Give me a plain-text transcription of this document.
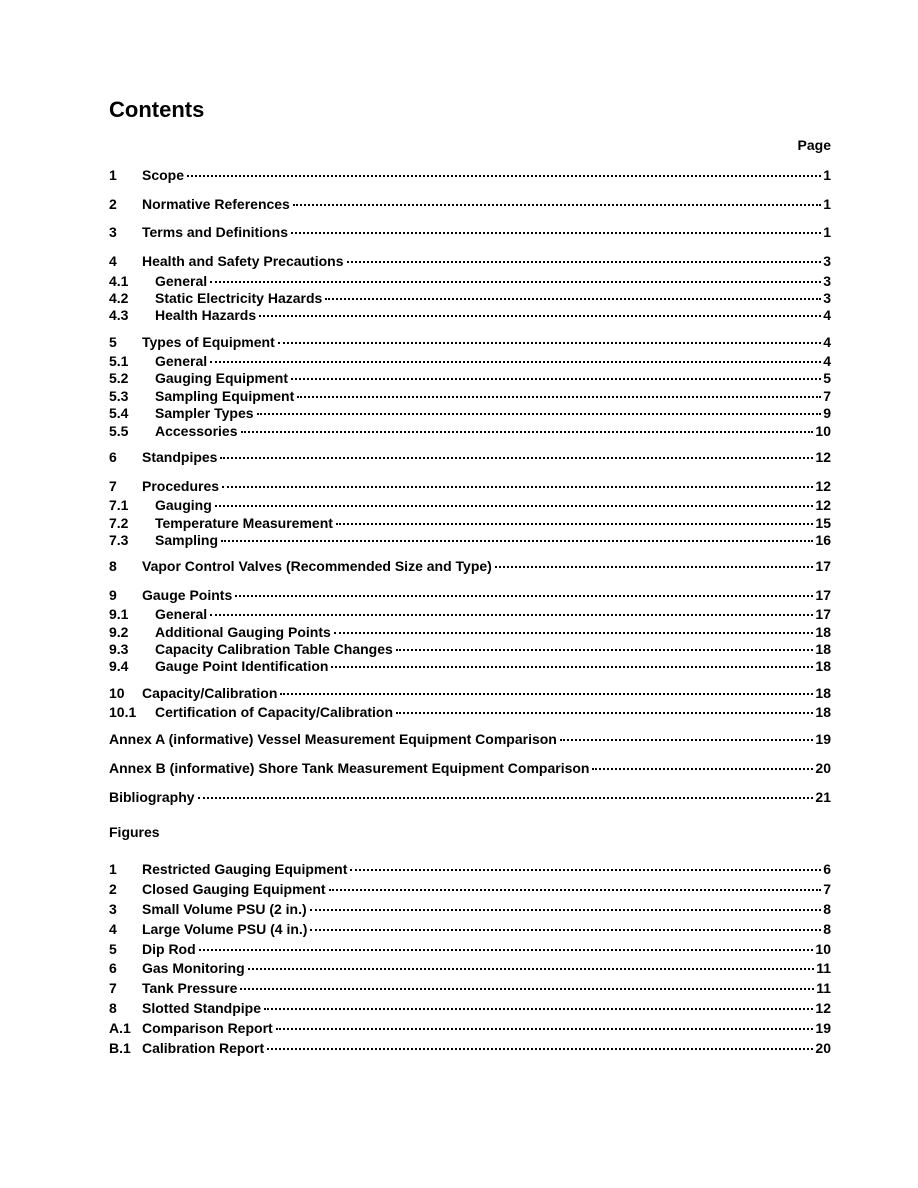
Contents
Page
1	Scope	1
2	Normative References	1
3	Terms and Definitions	1
4	Health and Safety Precautions	3
4.1	General	3
4.2	Static Electricity Hazards	3
4.3	Health Hazards	4
5	Types of Equipment	4
5.1	General	4
5.2	Gauging Equipment	5
5.3	Sampling Equipment	7
5.4	Sampler Types	9
5.5	Accessories	10
6	Standpipes	12
7	Procedures	12
7.1	Gauging	12
7.2	Temperature Measurement	15
7.3	Sampling	16
8	Vapor Control Valves (Recommended Size and Type)	17
9	Gauge Points	17
9.1	General	17
9.2	Additional Gauging Points	18
9.3	Capacity Calibration Table Changes	18
9.4	Gauge Point Identification	18
10	Capacity/Calibration	18
10.1	Certification of Capacity/Calibration	18
Annex A (informative) Vessel Measurement Equipment Comparison	19
Annex B (informative) Shore Tank Measurement Equipment Comparison	20
Bibliography	21
Figures
1	Restricted Gauging Equipment	6
2	Closed Gauging Equipment	7
3	Small Volume PSU (2 in.)	8
4	Large Volume PSU (4 in.)	8
5	Dip Rod	10
6	Gas Monitoring	11
7	Tank Pressure	11
8	Slotted Standpipe	12
A.1 Comparison Report	19
B.1 Calibration Report	20
